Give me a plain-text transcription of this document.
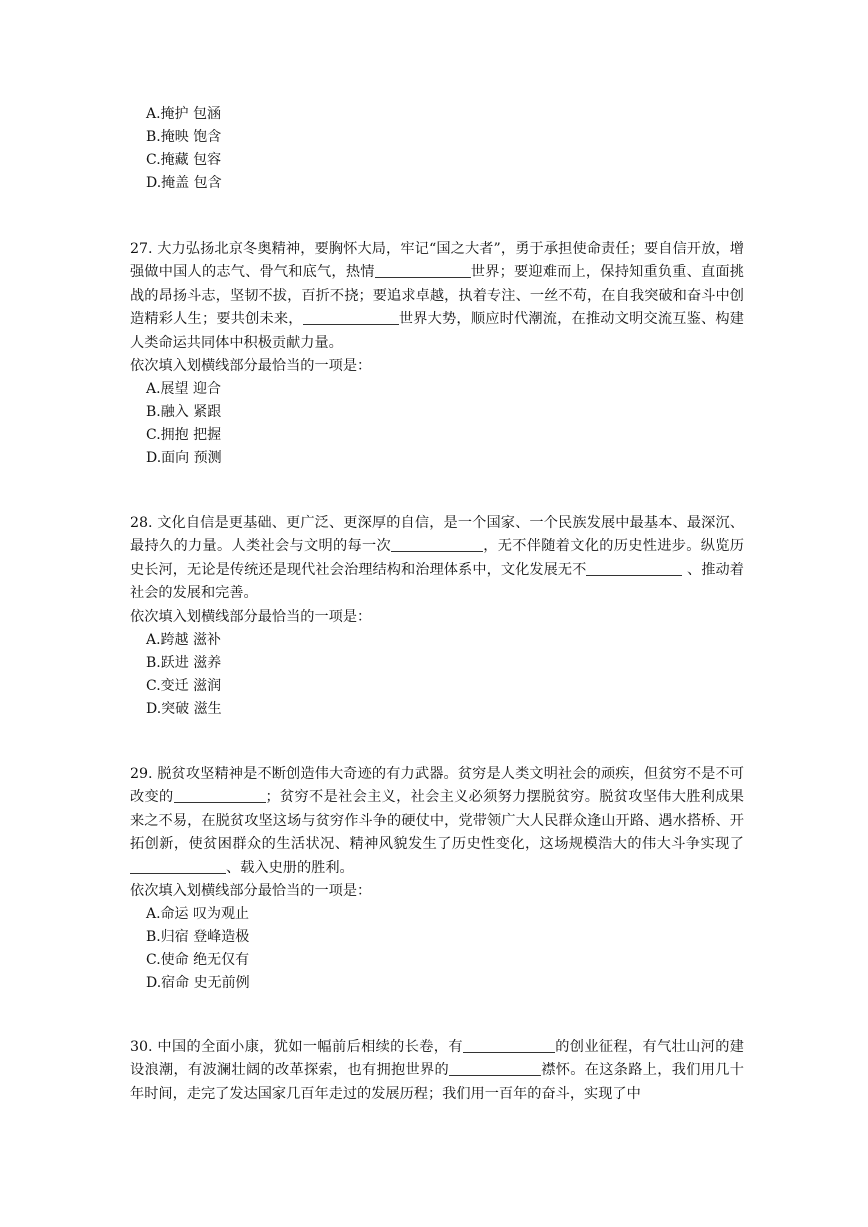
A.掩护 包涵
B.掩映 饱含
C.掩藏 包容
D.掩盖 包含

27. 大力弘扬北京冬奥精神，要胸怀大局，牢记“国之大者”，勇于承担使命责任；要自信开放，增强做中国人的志气、骨气和底气，热情	世界；要迎难而上，保持知重负重、直面挑战的昂扬斗志，坚韧不拔，百折不挠；要追求卓越，执着专注、一丝不苟，在自我突破和奋斗中创造精彩人生；要共创未来，	世界大势，顺应时代潮流，在推动文明交流互鉴、构建人类命运共同体中积极贡献力量。

依次填入划横线部分最恰当的一项是：

A.展望 迎合
B.融入 紧跟
C.拥抱 把握
D.面向 预测

28. 文化自信是更基础、更广泛、更深厚的自信，是一个国家、一个民族发展中最基本、最深沉、最持久的力量。人类社会与文明的每一次	，无不伴随着文化的历史性进步。纵览历史长河，无论是传统还是现代社会治理结构和治理体系中，文化发展无不	、推动着社会的发展和完善。

依次填入划横线部分最恰当的一项是：

A.跨越 滋补
B.跃进 滋养
C.变迁 滋润
D.突破 滋生

29. 脱贫攻坚精神是不断创造伟大奇迹的有力武器。贫穷是人类文明社会的顽疾，但贫穷不是不可改变的	；贫穷不是社会主义，社会主义必须努力摆脱贫穷。脱贫攻坚伟大胜利成果来之不易，在脱贫攻坚这场与贫穷作斗争的硬仗中，党带领广大人民群众逢山开路、遇水搭桥、开拓创新，使贫困群众的生活状况、精神风貌发生了历史性变化，这场规模浩大的伟大斗争实现了、载入史册的胜利。

依次填入划横线部分最恰当的一项是：

A.命运 叹为观止
B.归宿 登峰造极
C.使命 绝无仅有
D.宿命 史无前例

30. 中国的全面小康，犹如一幅前后相续的长卷，有	的创业征程，有气壮山河的建设浪潮，有波澜壮阔的改革探索，也有拥抱世界的	襟怀。在这条路上，我们用几十年时间，走完了发达国家几百年走过的发展历程；我们用一百年的奋斗，实现了中
